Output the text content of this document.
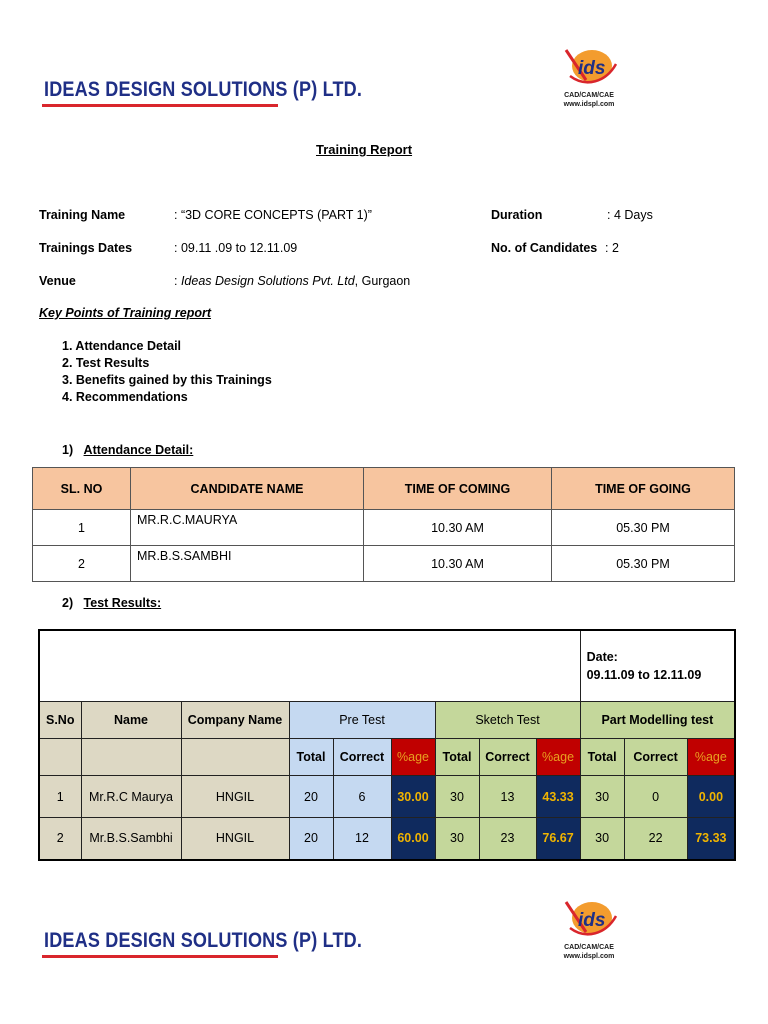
IDEAS DESIGN SOLUTIONS (P) LTD.
ids
CAD/CAM/CAE
www.idspl.com
Training Report
Training Name	: “3D CORE CONCEPTS (PART 1)”	Duration	: 4 Days
Trainings Dates	: 09.11 .09 to 12.11.09	No. of Candidates : 2
Venue	: Ideas Design Solutions Pvt. Ltd, Gurgaon
Key Points of Training report
1. Attendance Detail
2. Test Results
3. Benefits gained by this Trainings
4. Recommendations
1) Attendance Detail:
SL. NO	CANDIDATE NAME	TIME OF COMING	TIME OF GOING
1	MR.R.C.MAURYA	10.30 AM	05.30 PM
2	MR.B.S.SAMBHI	10.30 AM	05.30 PM
2) Test Results:

									Date:
09.11.09 to 12.11.09		

S.No	Name	Company Name	Pre Test			Sketch Test			Part Modelling test		
			Total	Correct	%age	Total	Correct	%age	Total	Correct	%age
1	Mr.R.C Maurya	HNGIL	20	6	30.00	30	13	43.33	30	0	0.00
2	Mr.B.S.Sambhi	HNGIL	20	12	60.00	30	23	76.67	30	22	73.33
IDEAS DESIGN SOLUTIONS (P) LTD.
ids
CAD/CAM/CAE
www.idspl.com
